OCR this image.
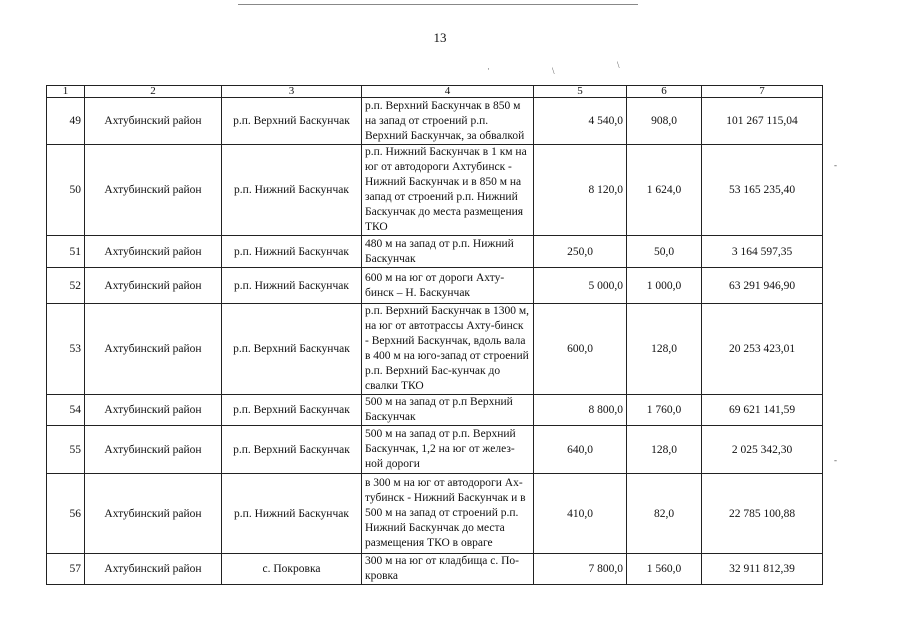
13
·	\
\
-
-
1	2	3	4	5	6	7
49	Ахтубинский район	р.п. Верхний Баскунчак	р.п. Верхний Баскунчак в 850 м на запад от строений р.п. Верхний Баскунчак, за обвалкой	4 540,0	908,0	101 267 115,04
50	Ахтубинский район	р.п. Нижний Баскунчак	р.п. Нижний Баскунчак в 1 км на юг от автодороги Ахтубинск - Нижний Баскунчак и в 850 м на запад от строений р.п. Нижний Баскунчак до места размещения ТКО	8 120,0	1 624,0	53 165 235,40
51	Ахтубинский район	р.п. Нижний Баскунчак	480 м на запад от р.п. Нижний Баскунчак	250,0	50,0	3 164 597,35
52	Ахтубинский район	р.п. Нижний Баскунчак	600 м на юг от дороги Ахту-бинск – Н. Баскунчак	5 000,0	1 000,0	63 291 946,90
53	Ахтубинский район	р.п. Верхний Баскунчак	р.п. Верхний Баскунчак в 1300 м, на юг от автотрассы Ахту-бинск - Верхний Баскунчак, вдоль вала в 400 м на юго-запад от строений р.п. Верхний Бас-кунчак до свалки ТКО	600,0	128,0	20 253 423,01
54	Ахтубинский район	р.п. Верхний Баскунчак	500 м на запад от р.п Верхний Баскунчак	8 800,0	1 760,0	69 621 141,59
55	Ахтубинский район	р.п. Верхний Баскунчак	500 м на запад от р.п. Верхний Баскунчак, 1,2 на юг от желез-ной дороги	640,0	128,0	2 025 342,30
56	Ахтубинский район	р.п. Нижний Баскунчак	в 300 м на юг от автодороги Ах-тубинск - Нижний Баскунчак и в 500 м на запад от строений р.п. Нижний Баскунчак до места размещения ТКО в овраге	410,0	82,0	22 785 100,88
57	Ахтубинский район	с. Покровка	300 м на юг от кладбища с. По-кровка	7 800,0	1 560,0	32 911 812,39
